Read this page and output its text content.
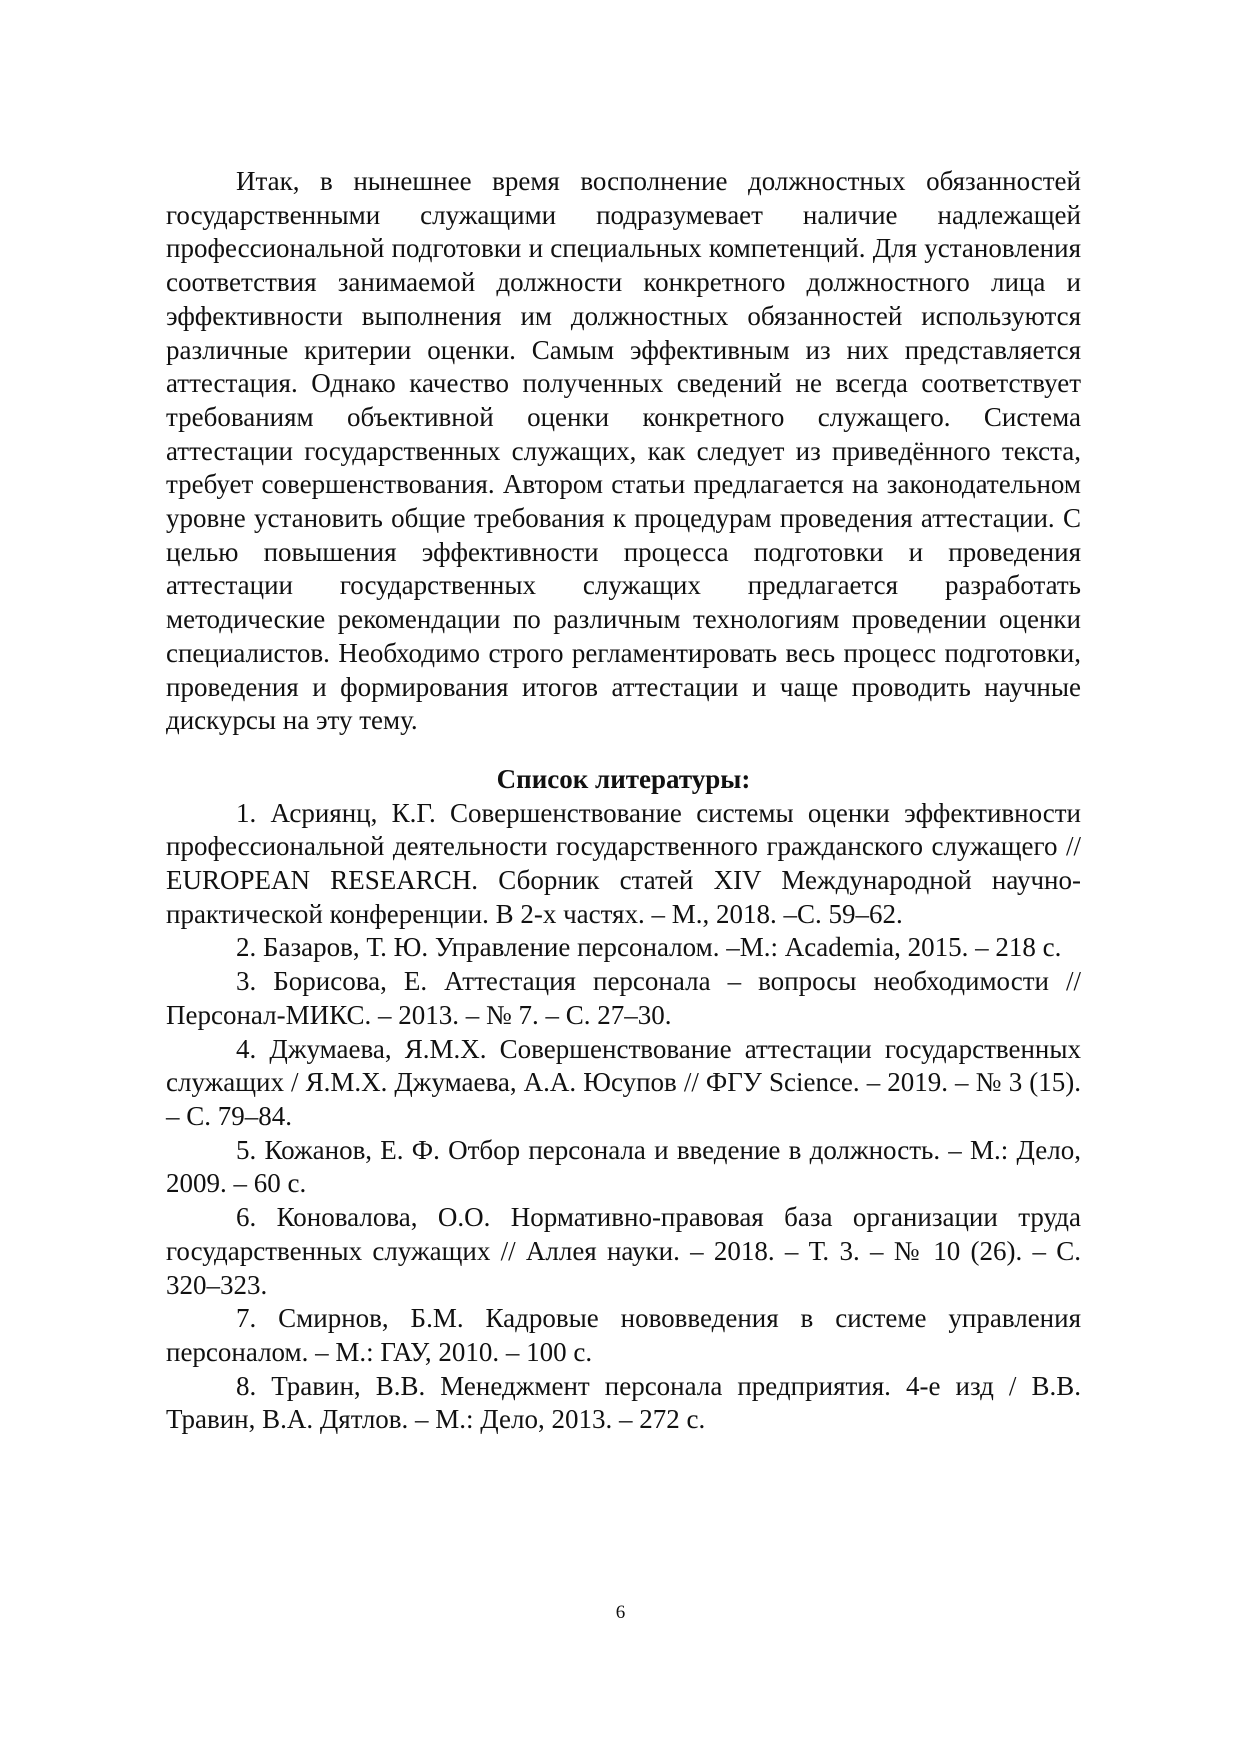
Итак, в нынешнее время восполнение должностных обязанностей государственными служащими подразумевает наличие надлежащей профессиональной подготовки и специальных компетенций. Для установления соответствия занимаемой должности конкретного должностного лица и эффективности выполнения им должностных обязанностей используются различные критерии оценки. Самым эффективным из них представляется аттестация. Однако качество полученных сведений не всегда соответствует требованиям объективной оценки конкретного служащего. Система аттестации государственных служащих, как следует из приведённого текста, требует совершенствования. Автором статьи предлагается на законодательном уровне установить общие требования к процедурам проведения аттестации. С целью повышения эффективности процесса подготовки и проведения аттестации государственных служащих предлагается разработать методические рекомендации по различным технологиям проведении оценки специалистов. Необходимо строго регламентировать весь процесс подготовки, проведения и формирования итогов аттестации и чаще проводить научные дискурсы на эту тему.

Список литературы:

1. Асриянц, К.Г. Совершенствование системы оценки эффективности профессиональной деятельности государственного гражданского служащего // EUROPEAN RESEARCH. Сборник статей XIV Международной научно-практической конференции. В 2-х частях. – М., 2018. –С. 59–62.

2. Базаров, Т. Ю. Управление персоналом. –М.: Academia, 2015. – 218 с.

3. Борисова, Е. Аттестация персонала – вопросы необходимости // Персонал-МИКС. – 2013. – № 7. – С. 27–30.

4. Джумаева, Я.М.Х. Совершенствование аттестации государственных служащих / Я.М.Х. Джумаева, А.А. Юсупов // ФГУ Science. – 2019. – № 3 (15). – С. 79–84.

5. Кожанов, Е. Ф. Отбор персонала и введение в должность. – М.: Дело, 2009. – 60 с.

6. Коновалова, О.О. Нормативно-правовая база организации труда государственных служащих // Аллея науки. – 2018. – Т. 3. – № 10 (26). – С. 320–323.

7. Смирнов, Б.М. Кадровые нововведения в системе управления персоналом. – М.: ГАУ, 2010. – 100 с.

8. Травин, В.В. Менеджмент персонала предприятия. 4-е изд / В.В. Травин, В.А. Дятлов. – М.: Дело, 2013. – 272 с.

6
